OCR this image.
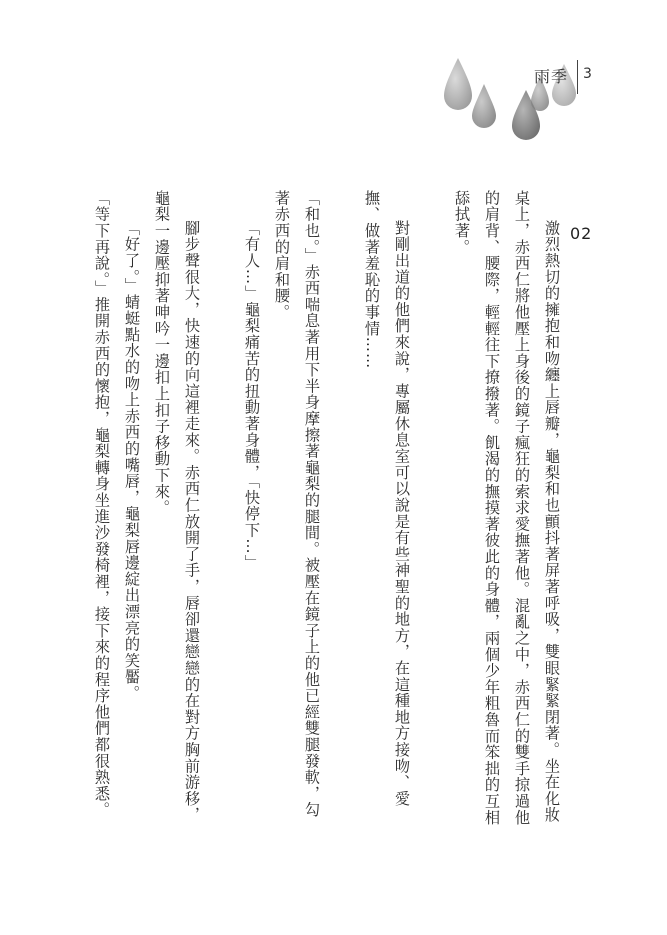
雨季 3
02

激烈熱切的擁抱和吻纏上唇瓣，龜梨和也顫抖著屏著呼吸，雙眼緊緊閉著。坐在化妝桌上，赤西仁將他壓上身後的鏡子瘋狂的索求愛撫著他。混亂之中，赤西仁的雙手掠過他的肩背、腰際，輕輕往下撩撥著。飢渴的撫摸著彼此的身體，兩個少年粗魯而笨拙的互相舔拭著。

對剛出道的他們來說，專屬休息室可以說是有些神聖的地方，在這種地方接吻、愛撫、做著羞恥的事情……

「和也。」赤西喘息著用下半身摩擦著龜梨的腿間。被壓在鏡子上的他已經雙腿發軟，勾著赤西的肩和腰。

「有人…」龜梨痛苦的扭動著身體，「快停下…」

腳步聲很大，快速的向這裡走來。赤西仁放開了手，唇卻還戀戀的在對方胸前游移，龜梨一邊壓抑著呻吟一邊扣上扣子移動下來。

「好了。」蜻蜓點水的吻上赤西的嘴唇，龜梨唇邊綻出漂亮的笑靨。

「等下再說。」推開赤西的懷抱，龜梨轉身坐進沙發椅裡，接下來的程序他們都很熟悉。
